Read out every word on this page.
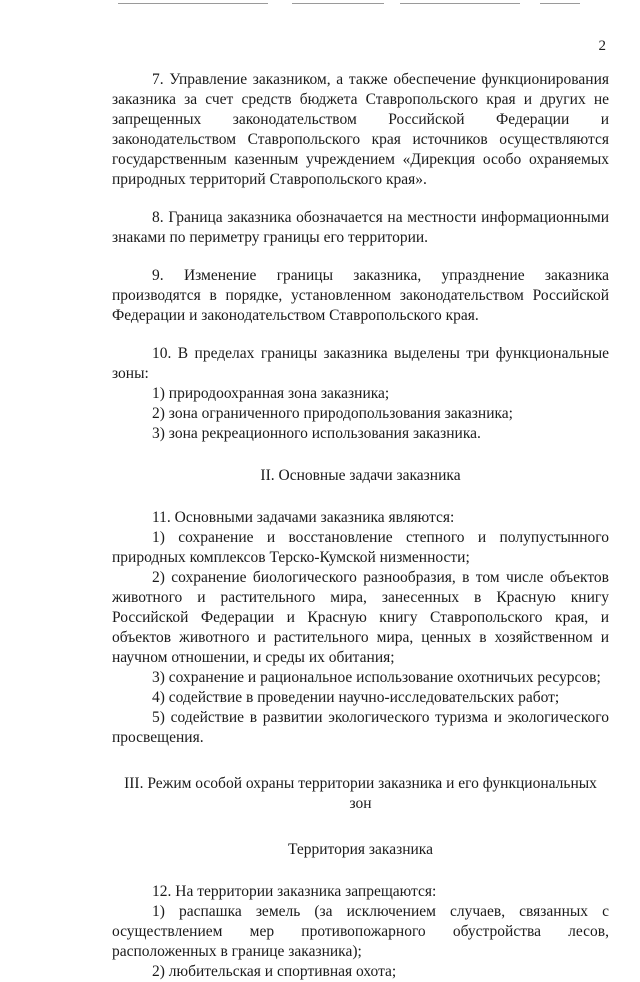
2

7. Управление заказником, а также обеспечение функционирования заказника за счет средств бюджета Ставропольского края и других не запрещенных законодательством Российской Федерации и законодательством Ставропольского края источников осуществляются государственным казенным учреждением «Дирекция особо охраняемых природных территорий Ставропольского края».

8. Граница заказника обозначается на местности информационными знаками по периметру границы его территории.

9. Изменение границы заказника, упразднение заказника производятся в порядке, установленном законодательством Российской Федерации и законодательством Ставропольского края.

10. В пределах границы заказника выделены три функциональные зоны:

1) природоохранная зона заказника;

2) зона ограниченного природопользования заказника;

3) зона рекреационного использования заказника.

II. Основные задачи заказника

11. Основными задачами заказника являются:

1) сохранение и восстановление степного и полупустынного природных комплексов Терско-Кумской низменности;

2) сохранение биологического разнообразия, в том числе объектов животного и растительного мира, занесенных в Красную книгу Российской Федерации и Красную книгу Ставропольского края, и объектов животного и растительного мира, ценных в хозяйственном и научном отношении, и среды их обитания;

3) сохранение и рациональное использование охотничьих ресурсов;

4) содействие в проведении научно-исследовательских работ;

5) содействие в развитии экологического туризма и экологического просвещения.

III. Режим особой охраны территории заказника и его функциональных зон

Территория заказника

12. На территории заказника запрещаются:

1) распашка земель (за исключением случаев, связанных с осуществлением мер противопожарного обустройства лесов, расположенных в границе заказника);

2) любительская и спортивная охота;
